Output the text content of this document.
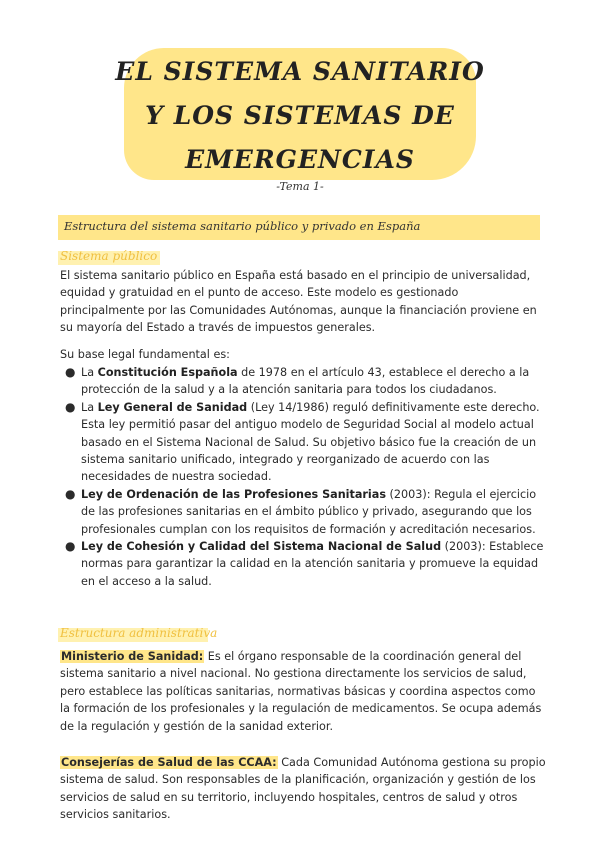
EL SISTEMA SANITARIO
Y LOS SISTEMAS DE
EMERGENCIAS
-Tema 1-
Estructura del sistema sanitario público y privado en España
Sistema público

El sistema sanitario público en España está basado en el principio de universalidad, equidad y gratuidad en el punto de acceso. Este modelo es gestionado principalmente por las Comunidades Autónomas, aunque la financiación proviene en su mayoría del Estado a través de impuestos generales.

Su base legal fundamental es:

● La Constitución Española de 1978 en el artículo 43, establece el derecho a la protección de la salud y a la atención sanitaria para todos los ciudadanos.
● La Ley General de Sanidad (Ley 14/1986) reguló definitivamente este derecho. Esta ley permitió pasar del antiguo modelo de Seguridad Social al modelo actual basado en el Sistema Nacional de Salud. Su objetivo básico fue la creación de un sistema sanitario unificado, integrado y reorganizado de acuerdo con las necesidades de nuestra sociedad.
● Ley de Ordenación de las Profesiones Sanitarias (2003): Regula el ejercicio de las profesiones sanitarias en el ámbito público y privado, asegurando que los profesionales cumplan con los requisitos de formación y acreditación necesarios.
● Ley de Cohesión y Calidad del Sistema Nacional de Salud (2003): Establece normas para garantizar la calidad en la atención sanitaria y promueve la equidad en el acceso a la salud.
Estructura administrativa

Ministerio de Sanidad: Es el órgano responsable de la coordinación general del sistema sanitario a nivel nacional. No gestiona directamente los servicios de salud, pero establece las políticas sanitarias, normativas básicas y coordina aspectos como la formación de los profesionales y la regulación de medicamentos. Se ocupa además de la regulación y gestión de la sanidad exterior.

Consejerías de Salud de las CCAA: Cada Comunidad Autónoma gestiona su propio sistema de salud. Son responsables de la planificación, organización y gestión de los servicios de salud en su territorio, incluyendo hospitales, centros de salud y otros servicios sanitarios.
